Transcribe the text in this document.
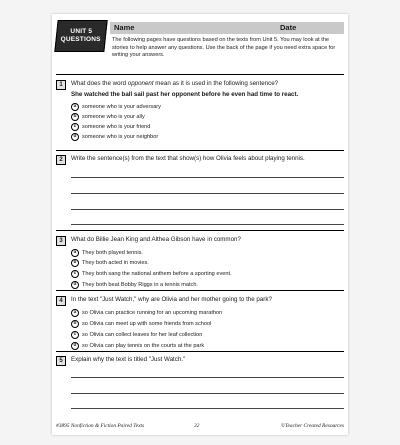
UNIT 5
QUESTIONS
Name	Date
The following pages have questions based on the texts from Unit 5. You may look at the stories to help answer any questions. Use the back of the page if you need extra space for writing your answers.
1	What does the word opponent mean as it is used in the following sentence?
She watched the ball sail past her opponent before he even had time to react.
a	someone who is your adversary
b someone who is your ally
c	someone who is your friend
d someone who is your neighbor
2	Write the sentence(s) from the text that show(s) how Olivia feels about playing tennis.
3	What do Billie Jean King and Althea Gibson have in common?
a	They both played tennis.
b They both acted in movies.
c	They both sang the national anthem before a sporting event.
d They both beat Bobby Riggs in a tennis match.
4	In the text "Just Watch," why are Olivia and her mother going to the park?
a	so Olivia can practice running for an upcoming marathon
b so Olivia can meet up with some friends from school
c	so Olivia can collect leaves for her leaf collection
d so Olivia can play tennis on the courts at the park
5	Explain why the text is titled "Just Watch."
#3895 Nonfiction & Fiction Paired Texts	32	©Teacher Created Resources
